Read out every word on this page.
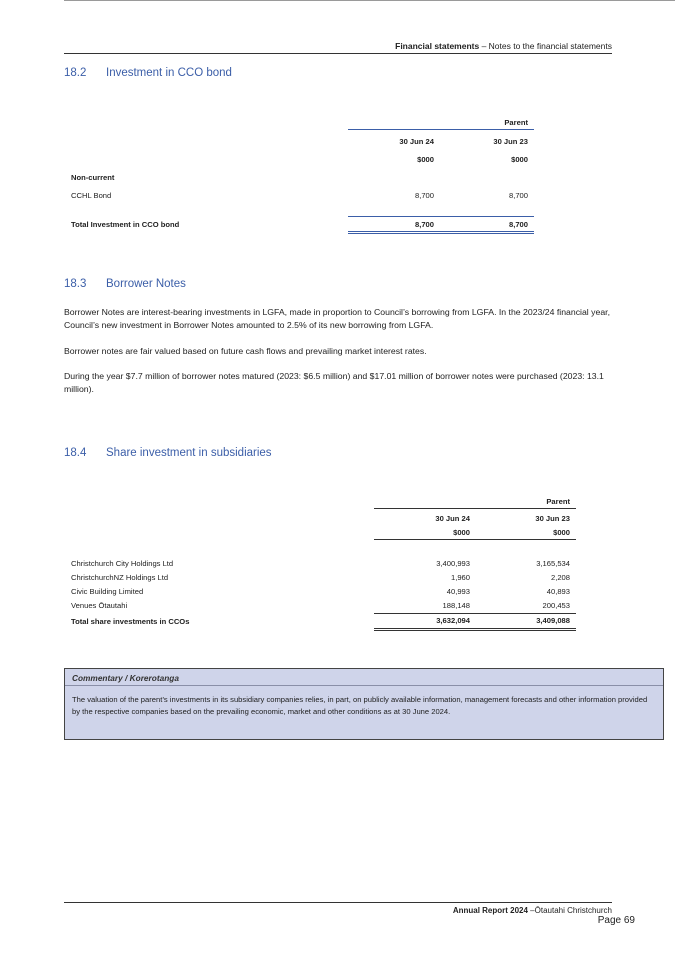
Financial statements – Notes to the financial statements
18.2 Investment in CCO bond
		Parent

	30 Jun 24	30 Jun 23

	$000	$000

Non-current		

CCHL Bond	8,700	8,700

Total Investment in CCO bond	8,700	8,700
18.3 Borrower Notes
Borrower Notes are interest-bearing investments in LGFA, made in proportion to Council’s borrowing from LGFA. In the 2023/24 financial year, Council’s new investment in Borrower Notes amounted to 2.5% of its new borrowing from LGFA.
Borrower notes are fair valued based on future cash flows and prevailing market interest rates.
During the year $7.7 million of borrower notes matured (2023: $6.5 million) and $17.01 million of borrower notes were purchased (2023: 13.1 million).
18.4 Share investment in subsidiaries
		Parent

	30 Jun 24	30 Jun 23
	$000	$000

Christchurch City Holdings Ltd	3,400,993	3,165,534
ChristchurchNZ Holdings Ltd	1,960	2,208
Civic Building Limited	40,993	40,893
Venues Ōtautahi	188,148	200,453
Total share investments in CCOs	3,632,094	3,409,088
Commentary / Korerotanga
The valuation of the parent’s investments in its subsidiary companies relies, in part, on publicly available information, management forecasts and other information provided by the respective companies based on the prevailing economic, market and other conditions as at 30 June 2024.
Annual Report 2024 –Ōtautahi Christchurch
Page 69
